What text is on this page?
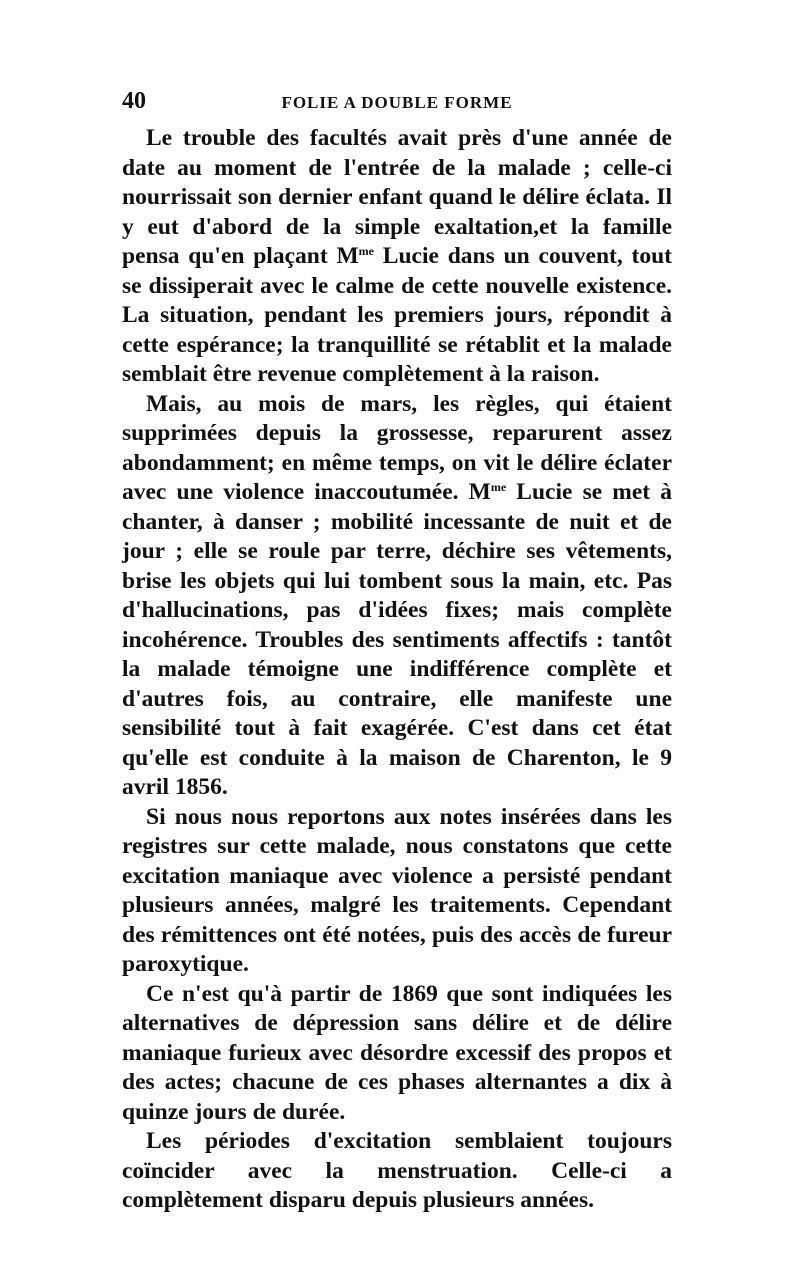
40	FOLIE A DOUBLE FORME

Le trouble des facultés avait près d'une année de date au moment de l'entrée de la malade ; celle-ci nourrissait son dernier enfant quand le délire éclata. Il y eut d'abord de la simple exaltation,et la famille pensa qu'en plaçant $M^{me}$ Lucie dans un couvent, tout se dissiperait avec le calme de cette nouvelle existence. La situation, pendant les premiers jours, répondit à cette espérance; la tranquillité se rétablit et la malade semblait être revenue complètement à la raison.

Mais, au mois de mars, les règles, qui étaient supprimées depuis la grossesse, reparurent assez abondamment; en même temps, on vit le délire éclater avec une violence inaccoutumée. $M^{me}$ Lucie se met à chanter, à danser ; mobilité incessante de nuit et de jour ; elle se roule par terre, déchire ses vêtements, brise les objets qui lui tombent sous la main, etc. Pas d'hallucinations, pas d'idées fixes; mais complète incohérence. Troubles des sentiments affectifs : tantôt la malade témoigne une indifférence complète et d'autres fois, au contraire, elle manifeste une sensibilité tout à fait exagérée. C'est dans cet état qu'elle est conduite à la maison de Charenton, le 9 avril 1856.

Si nous nous reportons aux notes insérées dans les registres sur cette malade, nous constatons que cette excitation maniaque avec violence a persisté pendant plusieurs années, malgré les traitements. Cependant des rémittences ont été notées, puis des accès de fureur paroxytique.

Ce n'est qu'à partir de 1869 que sont indiquées les alternatives de dépression sans délire et de délire maniaque furieux avec désordre excessif des propos et des actes; chacune de ces phases alternantes a dix à quinze jours de durée.

Les périodes d'excitation semblaient toujours coïncider avec la menstruation. Celle-ci a complètement disparu depuis plusieurs années.
